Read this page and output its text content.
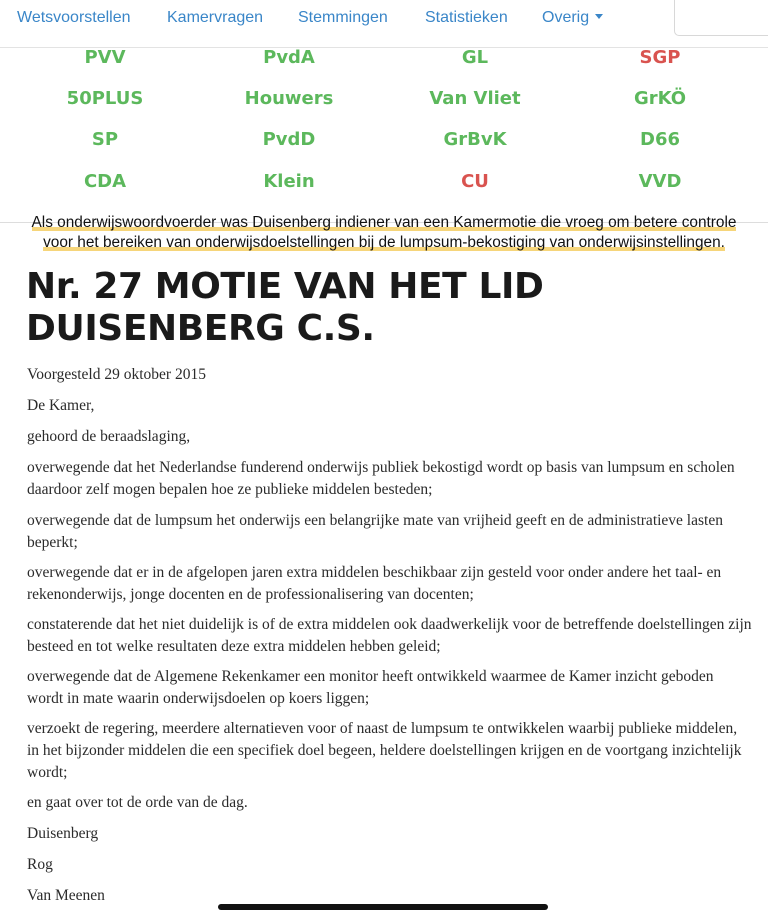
Wetsvoorstellen Kamervragen Stemmingen Statistieken Overig
PVV	PvdA	GL	SGP
50PLUS	Houwers	Van Vliet	GrKÖ
SP	PvdD	GrBvK	D66
CDA	Klein	CU	VVD
Als onderwijswoordvoerder was Duisenberg indiener van een Kamermotie die vroeg om betere controle
voor het bereiken van onderwijsdoelstellingen bij de lumpsum-bekostiging van onderwijsinstellingen.
Nr. 27 MOTIE VAN HET LID
DUISENBERG C.S.

Voorgesteld 29 oktober 2015

De Kamer,

gehoord de beraadslaging,

overwegende dat het Nederlandse funderend onderwijs publiek bekostigd wordt op basis van lumpsum en scholen daardoor zelf mogen bepalen hoe ze publieke middelen besteden;

overwegende dat de lumpsum het onderwijs een belangrijke mate van vrijheid geeft en de administratieve lasten beperkt;

overwegende dat er in de afgelopen jaren extra middelen beschikbaar zijn gesteld voor onder andere het taal- en rekenonderwijs, jonge docenten en de professionalisering van docenten;

constaterende dat het niet duidelijk is of de extra middelen ook daadwerkelijk voor de betreffende doelstellingen zijn besteed en tot welke resultaten deze extra middelen hebben geleid;

overwegende dat de Algemene Rekenkamer een monitor heeft ontwikkeld waarmee de Kamer inzicht geboden wordt in mate waarin onderwijsdoelen op koers liggen;

verzoekt de regering, meerdere alternatieven voor of naast de lumpsum te ontwikkelen waarbij publieke middelen, in het bijzonder middelen die een specifiek doel begeen, heldere doelstellingen krijgen en de voortgang inzichtelijk wordt;

en gaat over tot de orde van de dag.

Duisenberg

Rog

Van Meenen
